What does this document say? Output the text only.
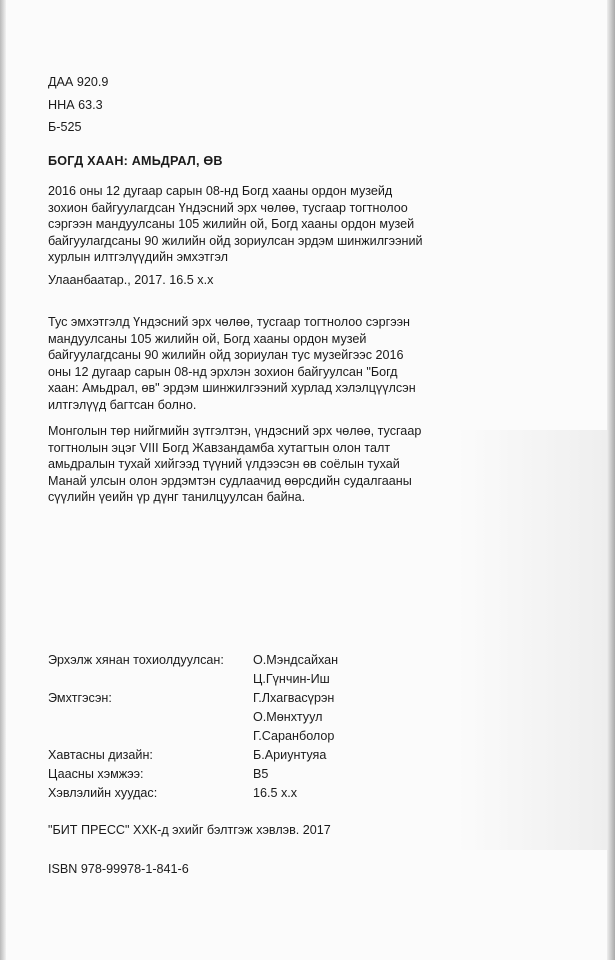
ДАА 920.9
ННА 63.3
Б-525
БОГД ХААН: АМЬДРАЛ, ӨВ

2016 оны 12 дугаар сарын 08-нд Богд хааны ордон музейд
зохион байгуулагдсан Үндэсний эрх чөлөө, тусгаар тогтнолоо
сэргээн мандуулсаны 105 жилийн ой, Богд хааны ордон музей
байгуулагдсаны 90 жилийн ойд зориулсан эрдэм шинжилгээний
хурлын илтгэлүүдийн эмхэтгэл

Улаанбаатар., 2017. 16.5 х.х

Тус эмхэтгэлд Үндэсний эрх чөлөө, тусгаар тогтнолоо сэргээн
мандуулсаны 105 жилийн ой, Богд хааны ордон музей
байгуулагдсаны 90 жилийн ойд зориулан тус музейгээс 2016
оны 12 дугаар сарын 08-нд эрхлэн зохион байгуулсан "Богд
хаан: Амьдрал, өв" эрдэм шинжилгээний хурлад хэлэлцүүлсэн
илтгэлүүд багтсан болно.

Монголын төр нийгмийн зүтгэлтэн, үндэсний эрх чөлөө, тусгаар
тогтнолын эцэг VIII Богд Жавзандамба хутагтын олон талт
амьдралын тухай хийгээд түүний үлдээсэн өв соёлын тухай
Манай улсын олон эрдэмтэн судлаачид өөрсдийн судалгааны
сүүлийн үеийн үр дүнг танилцуулсан байна.

Эрхэлж хянан тохиолдуулсан: О.Мэндсайхан
Ц.Гүнчин-Иш
Эмхтгэсэн:	Г.Лхагвасүрэн
О.Мөнхтуул
Г.Саранболор
Хавтасны дизайн:	Б.Ариунтуяа
Цаасны хэмжээ:	B5
Хэвлэлийн хуудас:	16.5 х.х
"БИТ ПРЕСС" ХХК-д эхийг бэлтгэж хэвлэв. 2017
ISBN 978-99978-1-841-6
